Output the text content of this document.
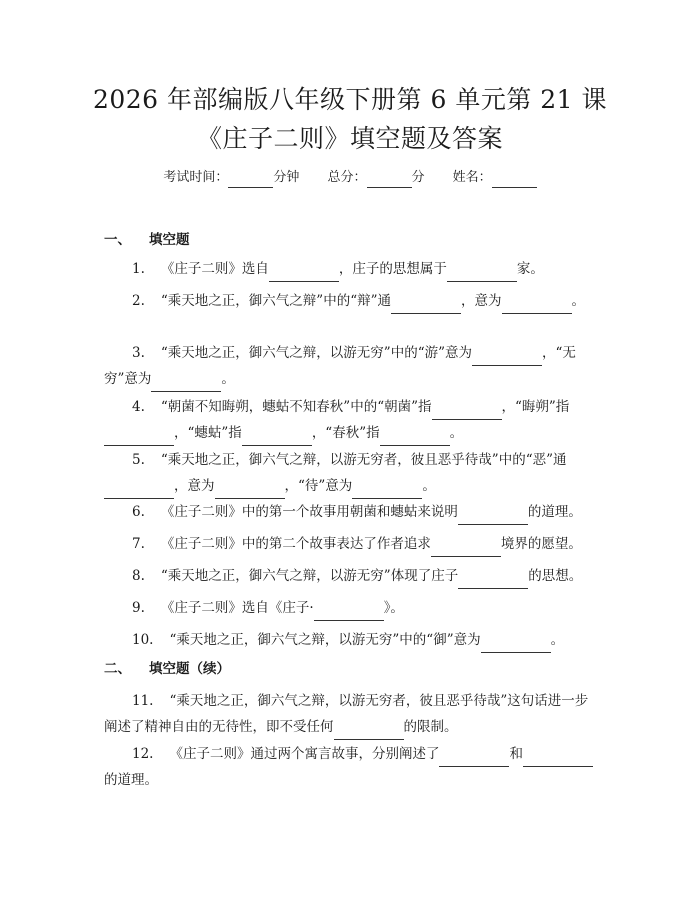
2026 年部编版八年级下册第 6 单元第 21 课
《庄子二则》填空题及答案
考试时间：	分钟 总分：	分 姓名：
一、 填空题

1. 《庄子二则》选自	，庄子的思想属于	家。

2. “乘天地之正，御六气之辩”中的“辩”通	，意为	。

3. “乘天地之正，御六气之辩，以游无穷”中的“游”意为	，“无穷”意为	。

4. “朝菌不知晦朔，蟪蛄不知春秋”中的“朝菌”指	，“晦朔”指，“蟪蛄”指	，“春秋”指	。

5. “乘天地之正，御六气之辩，以游无穷者，彼且恶乎待哉”中的“恶”通，意为	，“待”意为	。

6. 《庄子二则》中的第一个故事用朝菌和蟪蛄来说明	的道理。

7. 《庄子二则》中的第二个故事表达了作者追求	境界的愿望。

8. “乘天地之正，御六气之辩，以游无穷”体现了庄子	的思想。

9. 《庄子二则》选自《庄子·	》。

10. “乘天地之正，御六气之辩，以游无穷”中的“御”意为	。

二、 填空题（续）

11. “乘天地之正，御六气之辩，以游无穷者，彼且恶乎待哉”这句话进一步阐述了精神自由的无待性，即不受任何	的限制。

12. 《庄子二则》通过两个寓言故事，分别阐述了	和的道理。
